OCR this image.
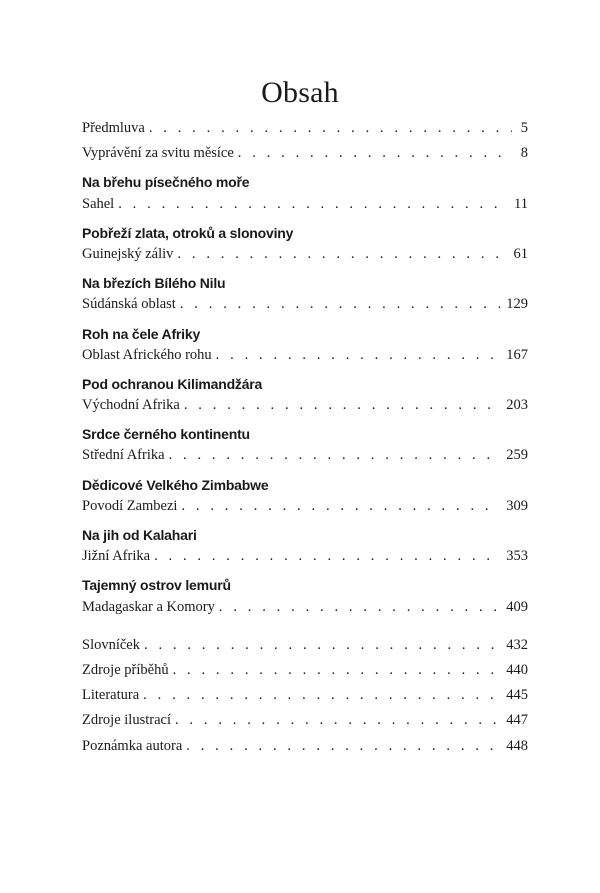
Obsah
Předmluva . . .	5
Vyprávění za svitu měsíce . . .	8
Na břehu písečného moře
Sahel . . .	11
Pobřeží zlata, otroků a slonoviny
Guinejský záliv . . .	61
Na březích Bílého Nilu
Súdánská oblast . . .	129
Roh na čele Afriky
Oblast Afrického rohu . . .	167
Pod ochranou Kilimandžára
Východní Afrika . . .	203
Srdce černého kontinentu
Střední Afrika . . .	259
Dědicové Velkého Zimbabwe
Povodí Zambezi . . .	309
Na jih od Kalahari
Jižní Afrika . . .	353
Tajemný ostrov lemurů
Madagaskar a Komory . . .	409
Slovníček . . .	432
Zdroje příběhů . . .	440
Literatura . . .	445
Zdroje ilustrací . . .	447
Poznámka autora . . .	448
